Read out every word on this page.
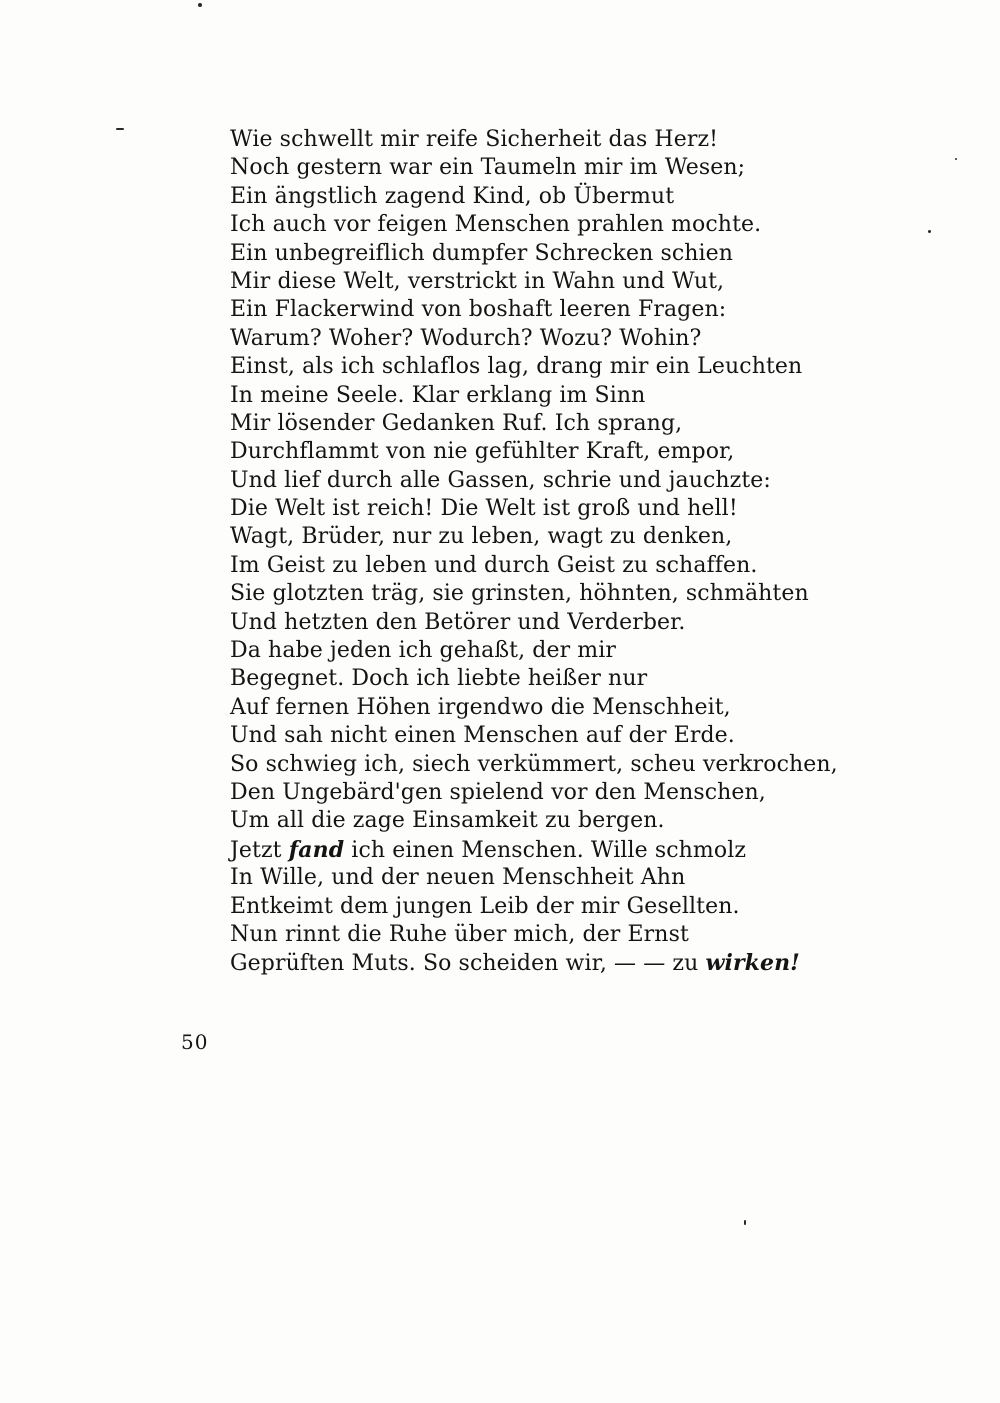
Wie schwellt mir reife Sicherheit das Herz!
Noch gestern war ein Taumeln mir im Wesen;
Ein ängstlich zagend Kind, ob Übermut
Ich auch vor feigen Menschen prahlen mochte.
Ein unbegreiflich dumpfer Schrecken schien
Mir diese Welt, verstrickt in Wahn und Wut,
Ein Flackerwind von boshaft leeren Fragen:
Warum? Woher? Wodurch? Wozu? Wohin?
Einst, als ich schlaflos lag, drang mir ein Leuchten
In meine Seele. Klar erklang im Sinn
Mir lösender Gedanken Ruf. Ich sprang,
Durchflammt von nie gefühlter Kraft, empor,
Und lief durch alle Gassen, schrie und jauchzte:
Die Welt ist reich! Die Welt ist groß und hell!
Wagt, Brüder, nur zu leben, wagt zu denken,
Im Geist zu leben und durch Geist zu schaffen.
Sie glotzten träg, sie grinsten, höhnten, schmähten
Und hetzten den Betörer und Verderber.
Da habe jeden ich gehaßt, der mir
Begegnet. Doch ich liebte heißer nur
Auf fernen Höhen irgendwo die Menschheit,
Und sah nicht einen Menschen auf der Erde.
So schwieg ich, siech verkümmert, scheu verkrochen,
Den Ungebärd'gen spielend vor den Menschen,
Um all die zage Einsamkeit zu bergen.
Jetzt fand ich einen Menschen. Wille schmolz
In Wille, und der neuen Menschheit Ahn
Entkeimt dem jungen Leib der mir Gesellten.
Nun rinnt die Ruhe über mich, der Ernst
Geprüften Muts. So scheiden wir, — — zu wirken!
50
